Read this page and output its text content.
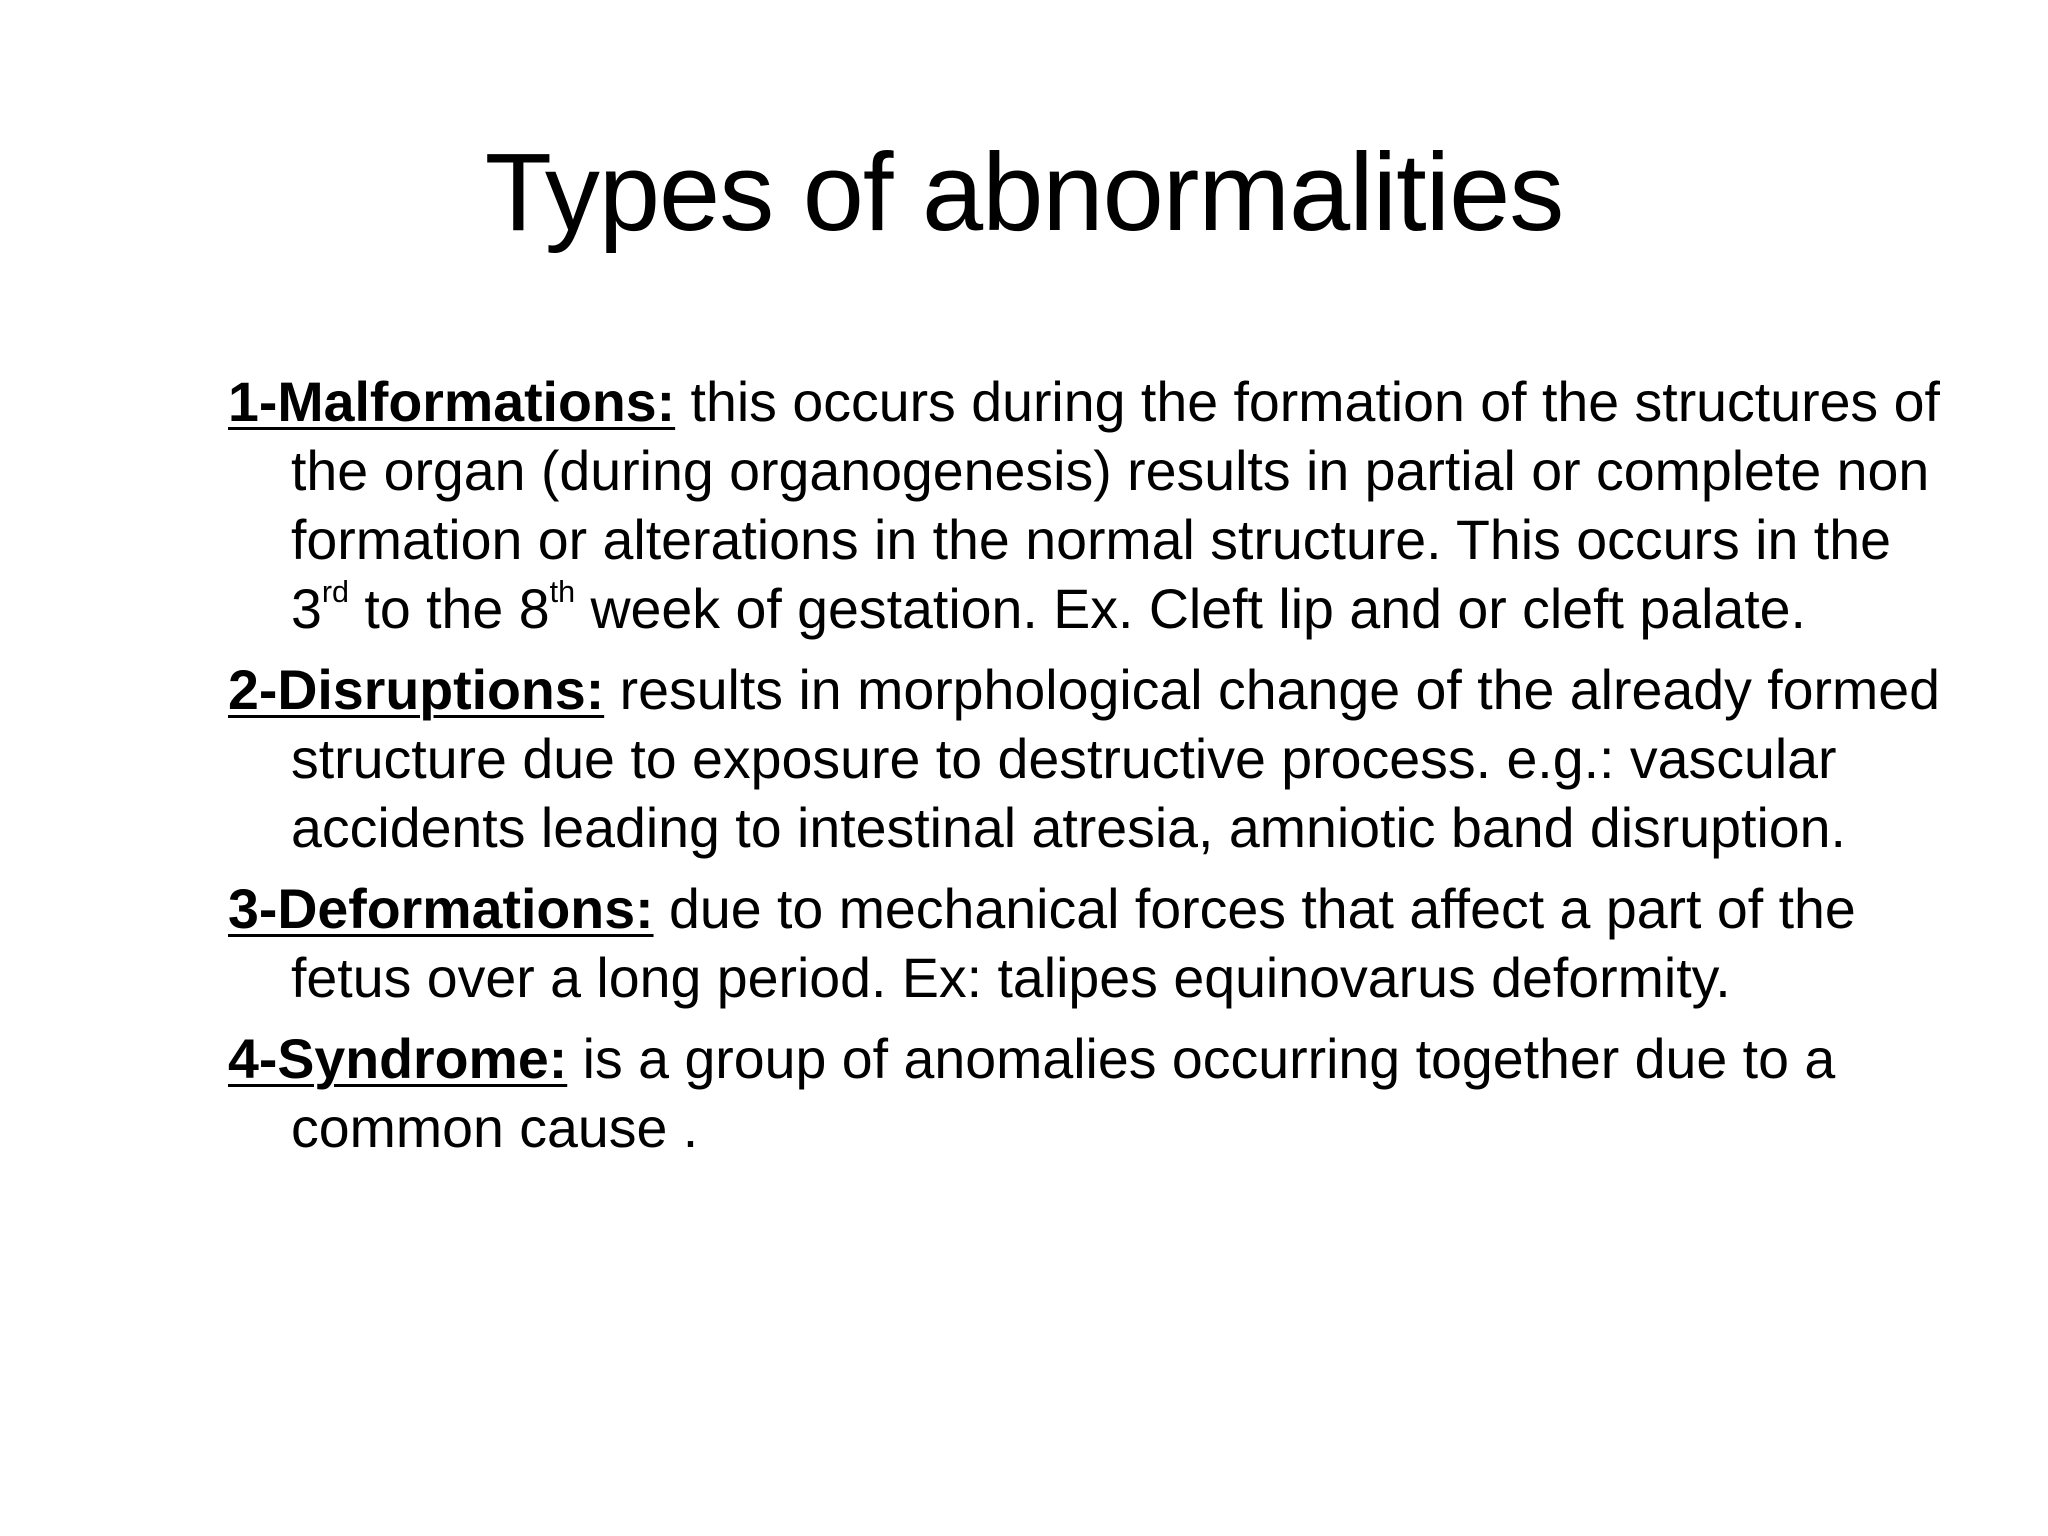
Types of abnormalities

1-Malformations: this occurs during the formation of the structures of the organ (during organogenesis) results in partial or complete non formation or alterations in the normal structure. This occurs in the 3rd to the 8th week of gestation. Ex. Cleft lip and or cleft palate.

2-Disruptions: results in morphological change of the already formed structure due to exposure to destructive process. e.g.: vascular accidents leading to intestinal atresia, amniotic band disruption.

3-Deformations: due to mechanical forces that affect a part of the fetus over a long period. Ex: talipes equinovarus deformity.

4-Syndrome: is a group of anomalies occurring together due to a common cause .
